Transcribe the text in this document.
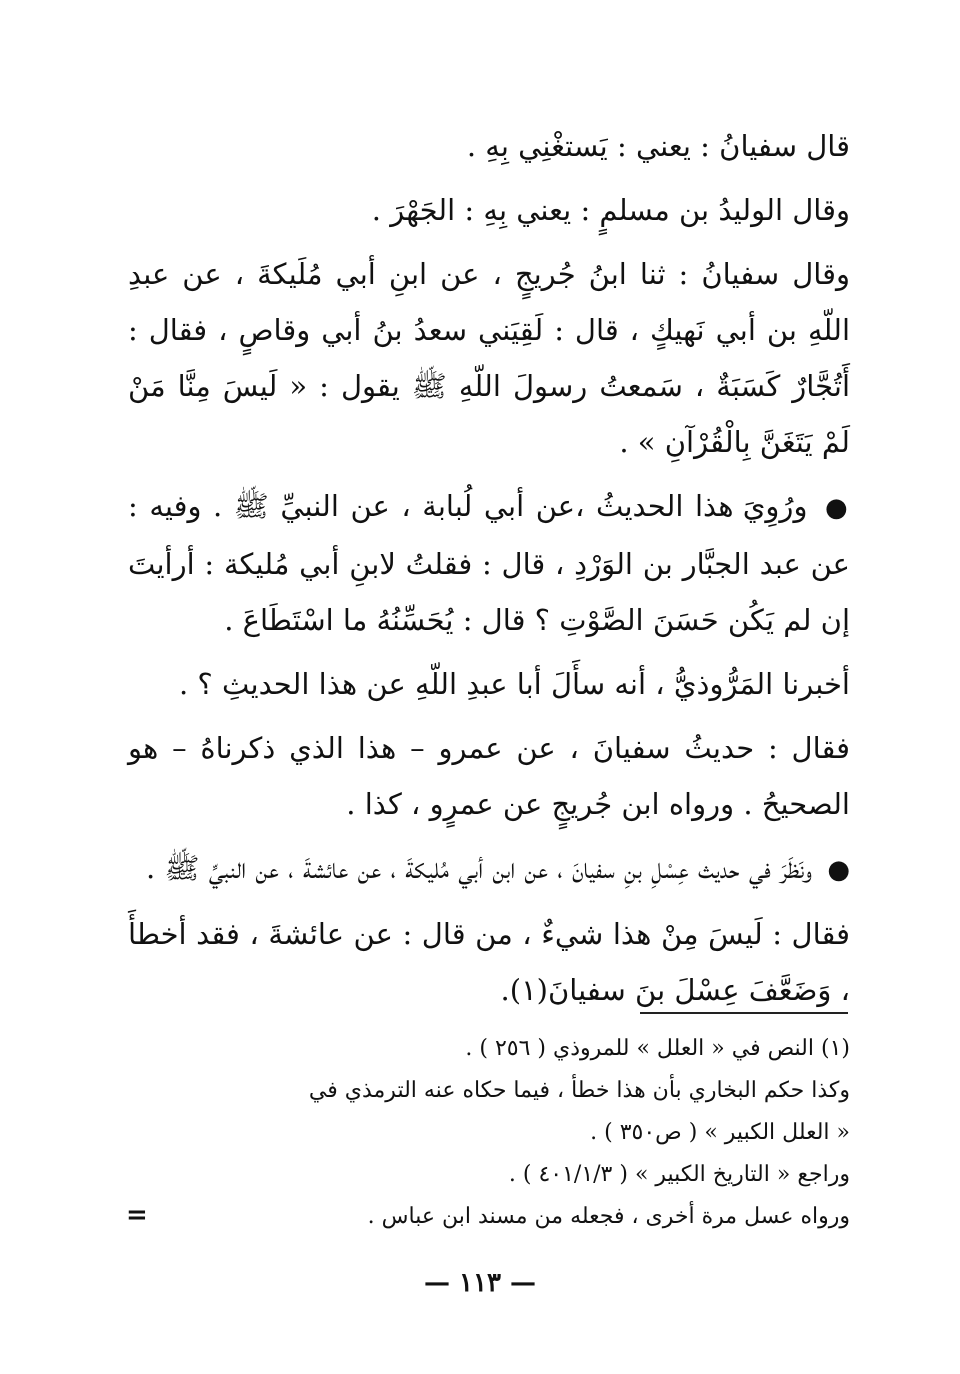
قال سفيانُ : يعني : يَستغْنِي بِهِ .

وقال الوليدُ بن مسلمٍ : يعني بِهِ : الجَهْرَ .

وقال سفيانُ : ثنا ابنُ جُريجٍ ، عن ابنِ أبي مُلَيكةَ ، عن عبدِ اللّهِ بن أبي نَهيكٍ ، قال : لَقِيَني سعدُ بنُ أبي وقاصٍ ، فقال : أَتُجَّارٌ كَسَبَةٌ ، سَمعتُ رسولَ اللّهِ ﷺ يقول : « لَيسَ مِنَّا مَنْ لَمْ يَتَغَنَّ بِالْقُرْآنِ » .

● ورُوِيَ هذا الحديثُ ،عن أبي لُبابة ، عن النبيِّ ﷺ . وفيه : عن عبد الجبَّار بن الوَرْدِ ، قال : فقلتُ لابنِ أبي مُليكة : أرأيتَ إن لم يَكُن حَسَنَ الصَّوْتِ ؟ قال : يُحَسِّنُهُ ما اسْتَطَاعَ .

أخبرنا المَرُّوذيُّ ، أنه سأَلَ أبا عبدِ اللّهِ عن هذا الحديثِ ؟ .

فقال : حديثُ سفيانَ ، عن عمرو – هذا الذي ذكرناهُ – هو الصحيحُ . ورواه ابن جُريجٍ عن عمرٍو ، كذا .

● ونَظَرَ في حديث عِسْلِ بنِ سفيانَ ، عن ابن أبي مُليكةَ ، عن عائشةَ ، عن النبيِّ ﷺ .

فقال : لَيسَ مِنْ هذا شيءٌ ، من قال : عن عائشةَ ، فقد أخطأَ ، وَضَعَّفَ عِسْلَ بنَ سفيانَ(١).

(١) النص في « العلل » للمروذي ( ٢٥٦ ) .

وكذا حكم البخاري بأن هذا خطأ ، فيما حكاه عنه الترمذي في

« العلل الكبير » ( ص٣٥٠ ) .

وراجع « التاريخ الكبير » ( ٤٠١/١/٣ ) .

ورواه عسل مرة أخرى ، فجعله من مسند ابن عباس .

=
— ١١٣ —
